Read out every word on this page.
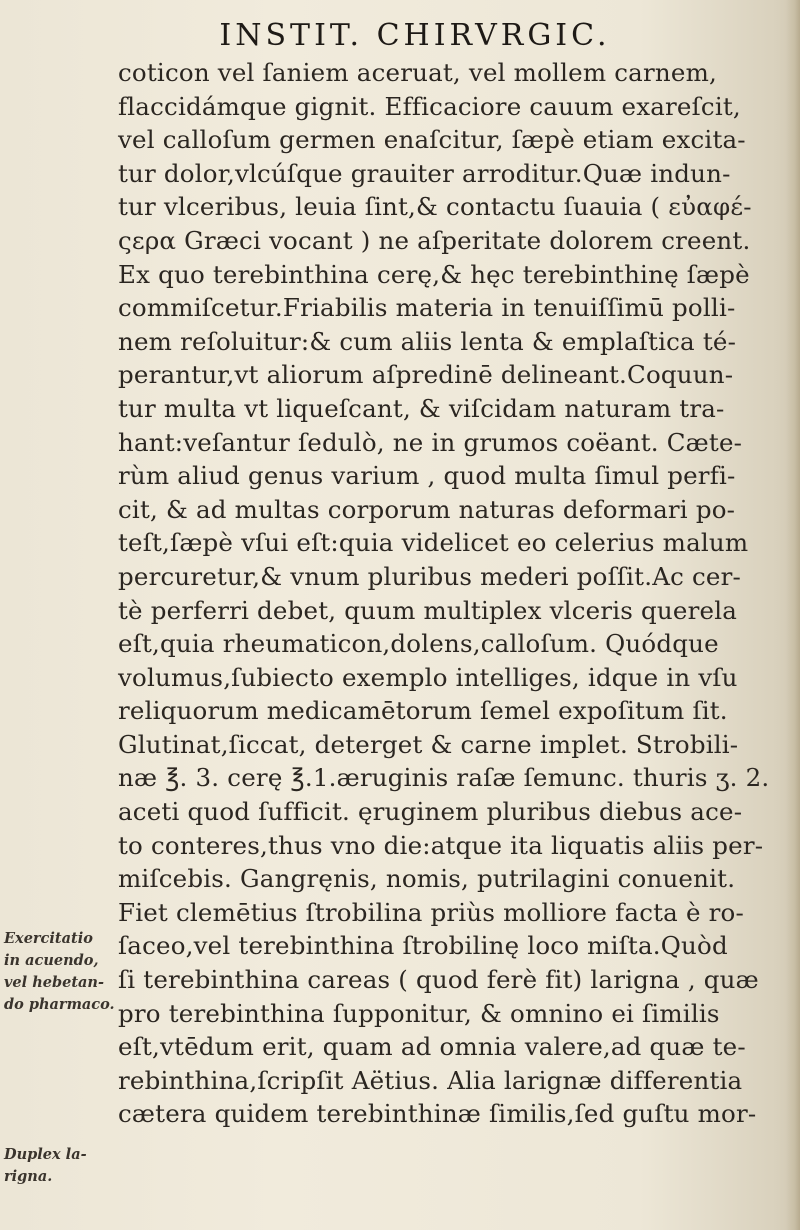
INSTIT. CHIRVRGIC.
coticon vel ſaniem aceruat, vel mollem carnem,
flaccidámque gignit. Efficaciore cauum exareſcit,
vel calloſum germen enaſcitur, ſæpè etiam excita-
tur dolor,vlcúſque grauiter arroditur.Quæ indun-
tur vlceribus, leuia ſint,& contactu ſuauia ( εὐαφέ-
ςερα Græci vocant ) ne aſperitate dolorem creent.
Ex quo terebinthina cerę,& hęc terebinthinę ſæpè
commiſcetur.Friabilis materia in tenuiſſimū polli-
nem reſoluitur:& cum aliis lenta & emplaſtica té-
perantur,vt aliorum aſpredinē delineant.Coquun-
tur multa vt liqueſcant, & viſcidam naturam tra-
hant:veſantur ſedulò, ne in grumos coëant. Cæte-
rùm aliud genus varium , quod multa ſimul perfi-
cit, & ad multas corporum naturas deformari po-
teſt,ſæpè vſui eſt:quia videlicet eo celerius malum
percuretur,& vnum pluribus mederi poſſit.Ac cer-
tè perferri debet, quum multiplex vlceris querela
eſt,quia rheumaticon,dolens,calloſum. Quódque
volumus,ſubiecto exemplo intelliges, idque in vſu
reliquorum medicamētorum ſemel expoſitum ſit.
Glutinat,ſiccat, deterget & carne implet. Strobili-
næ ℥. 3. cerę ℥.1.æruginis raſæ ſemunc. thuris ʒ. 2.
aceti quod ſufficit. ęruginem pluribus diebus ace-
to conteres,thus vno die:atque ita liquatis aliis per-
miſcebis. Gangręnis, nomis, putrilagini conuenit.
Fiet clemētius ſtrobilina priùs molliore facta è ro-
ſaceo,vel terebinthina ſtrobilinę loco miſta.Quòd
ſi terebinthina careas ( quod ferè fit) larigna , quæ
pro terebinthina ſupponitur, & omnino ei ſimilis
eſt,vtēdum erit, quam ad omnia valere,ad quæ te-
rebinthina,ſcripſit Aëtius. Alia larignæ differentia
cætera quidem terebinthinæ ſimilis,ſed guſtu mor-
Exercitatio
in acuendo,
vel hebetan-
do pharmaco.
Duplex la-
rigna.
